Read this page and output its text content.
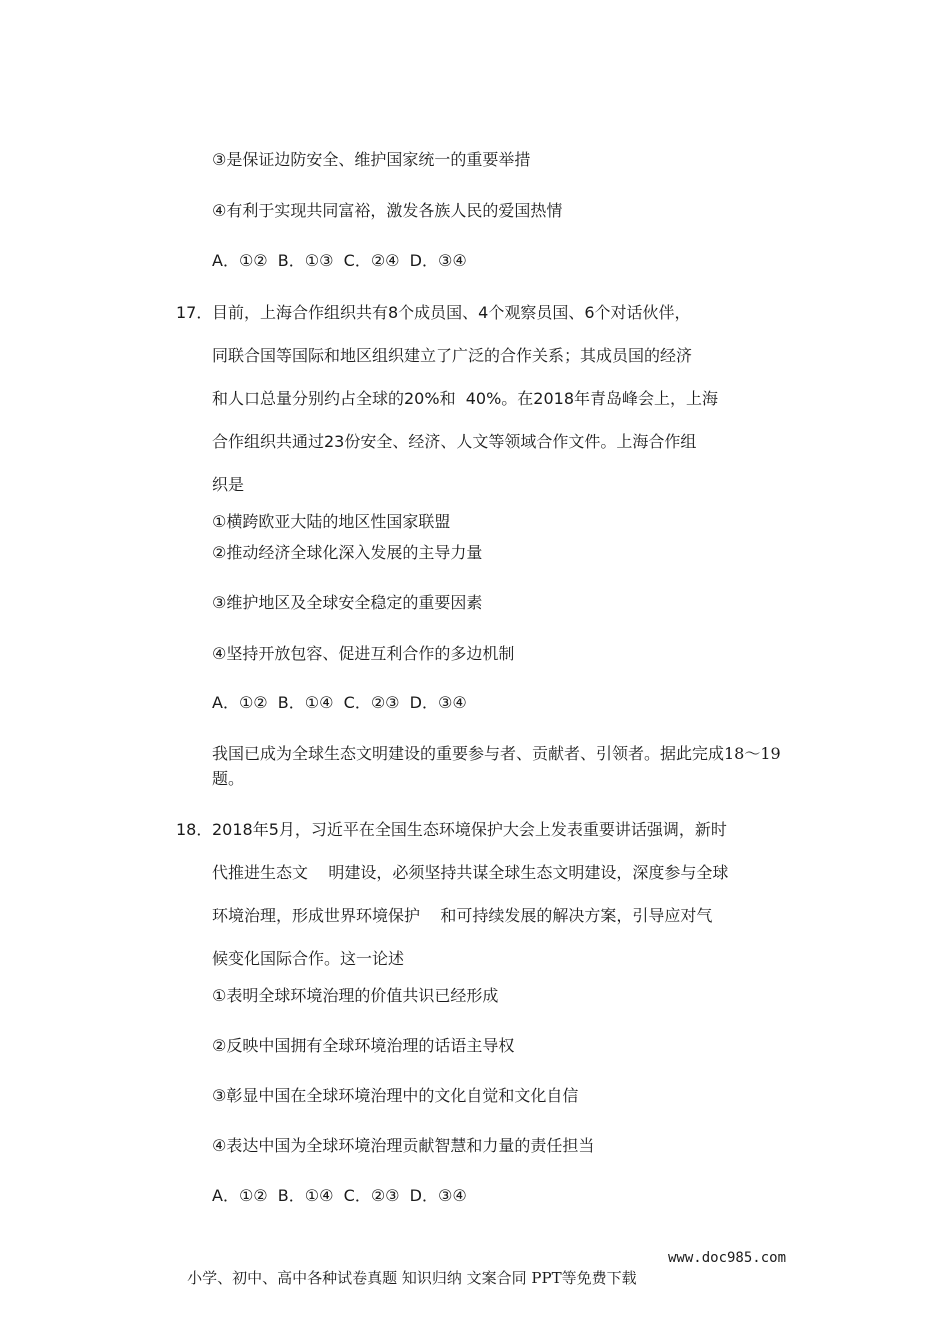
③是保证边防安全、维护国家统一的重要举措
④有利于实现共同富裕，激发各族人民的爱国热情
A．①②  B．①③  C．②④  D．③④
17． 目前，上海合作组织共有8个成员国、4个观察员国、6个对话伙伴，
同联合国等国际和地区组织建立了广泛的合作关系；其成员国的经济
和人口总量分别约占全球的20%和  40%。在2018年青岛峰会上，上海
合作组织共通过23份安全、经济、人文等领域合作文件。上海合作组
织是
①横跨欧亚大陆的地区性国家联盟
②推动经济全球化深入发展的主导力量
③维护地区及全球安全稳定的重要因素
④坚持开放包容、促进互利合作的多边机制
A．①②  B．①④  C．②③  D．③④
我国已成为全球生态文明建设的重要参与者、贡献者、引领者。据此完成18～19
题。
18． 2018年5月，习近平在全国生态环境保护大会上发表重要讲话强调，新时
代推进生态文    明建设，必须坚持共谋全球生态文明建设，深度参与全球
环境治理，形成世界环境保护    和可持续发展的解决方案，引导应对气
候变化国际合作。这一论述
①表明全球环境治理的价值共识已经形成
②反映中国拥有全球环境治理的话语主导权
③彰显中国在全球环境治理中的文化自觉和文化自信
④表达中国为全球环境治理贡献智慧和力量的责任担当
A．①②  B．①④  C．②③  D．③④

小学、初中、高中各种试卷真题 知识归纳 文案合同 PPT等免费下载

www.doc985.com
